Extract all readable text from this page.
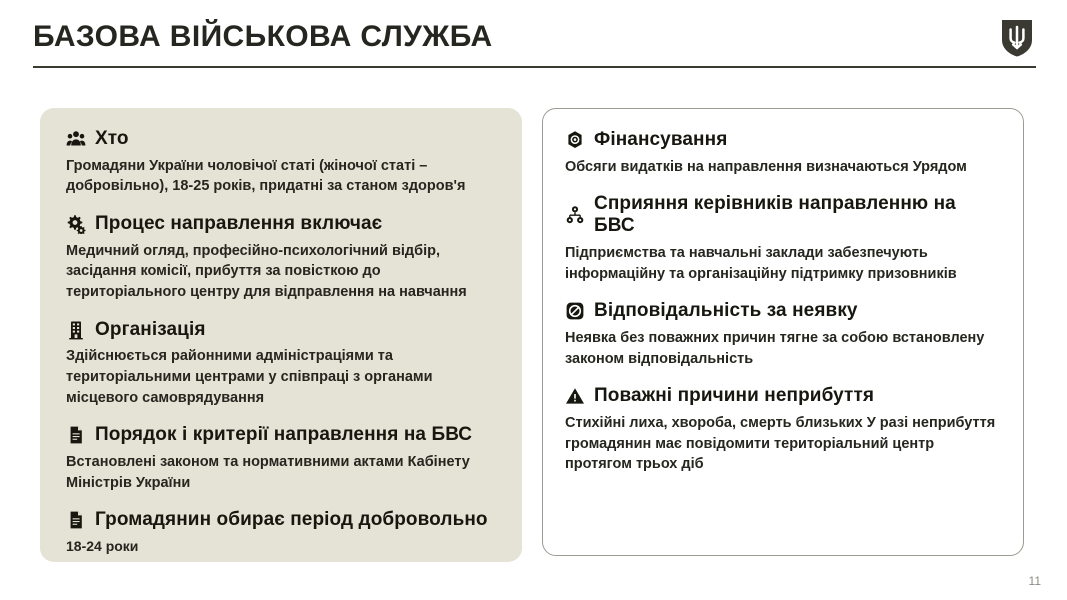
БАЗОВА ВІЙСЬКОВА СЛУЖБА
Хто
Громадяни України чоловічої статі (жіночої статі – добровільно), 18-25 років, придатні за станом здоров'я
Процес направлення включає
Медичний огляд, професійно-психологічний відбір, засідання комісії, прибуття за повісткою до територіального центру для відправлення на навчання
Організація
Здійснюється районними адміністраціями та територіальними центрами у співпраці з органами місцевого самоврядування
Порядок і критерії направлення на БВС
Встановлені законом та нормативними актами Кабінету Міністрів України
Громадянин обирає період добровольно
18-24 роки
Фінансування
Обсяги видатків на направлення визначаються Урядом
Сприяння керівників направленню на БВС
Підприємства та навчальні заклади забезпечують інформаційну та організаційну підтримку призовників
Відповідальність за неявку
Неявка без поважних причин тягне за собою встановлену законом відповідальність
Поважні причини неприбуття
Стихійні лиха, хвороба, смерть близьких У разі неприбуття громадянин має повідомити територіальний центр протягом трьох діб
11
